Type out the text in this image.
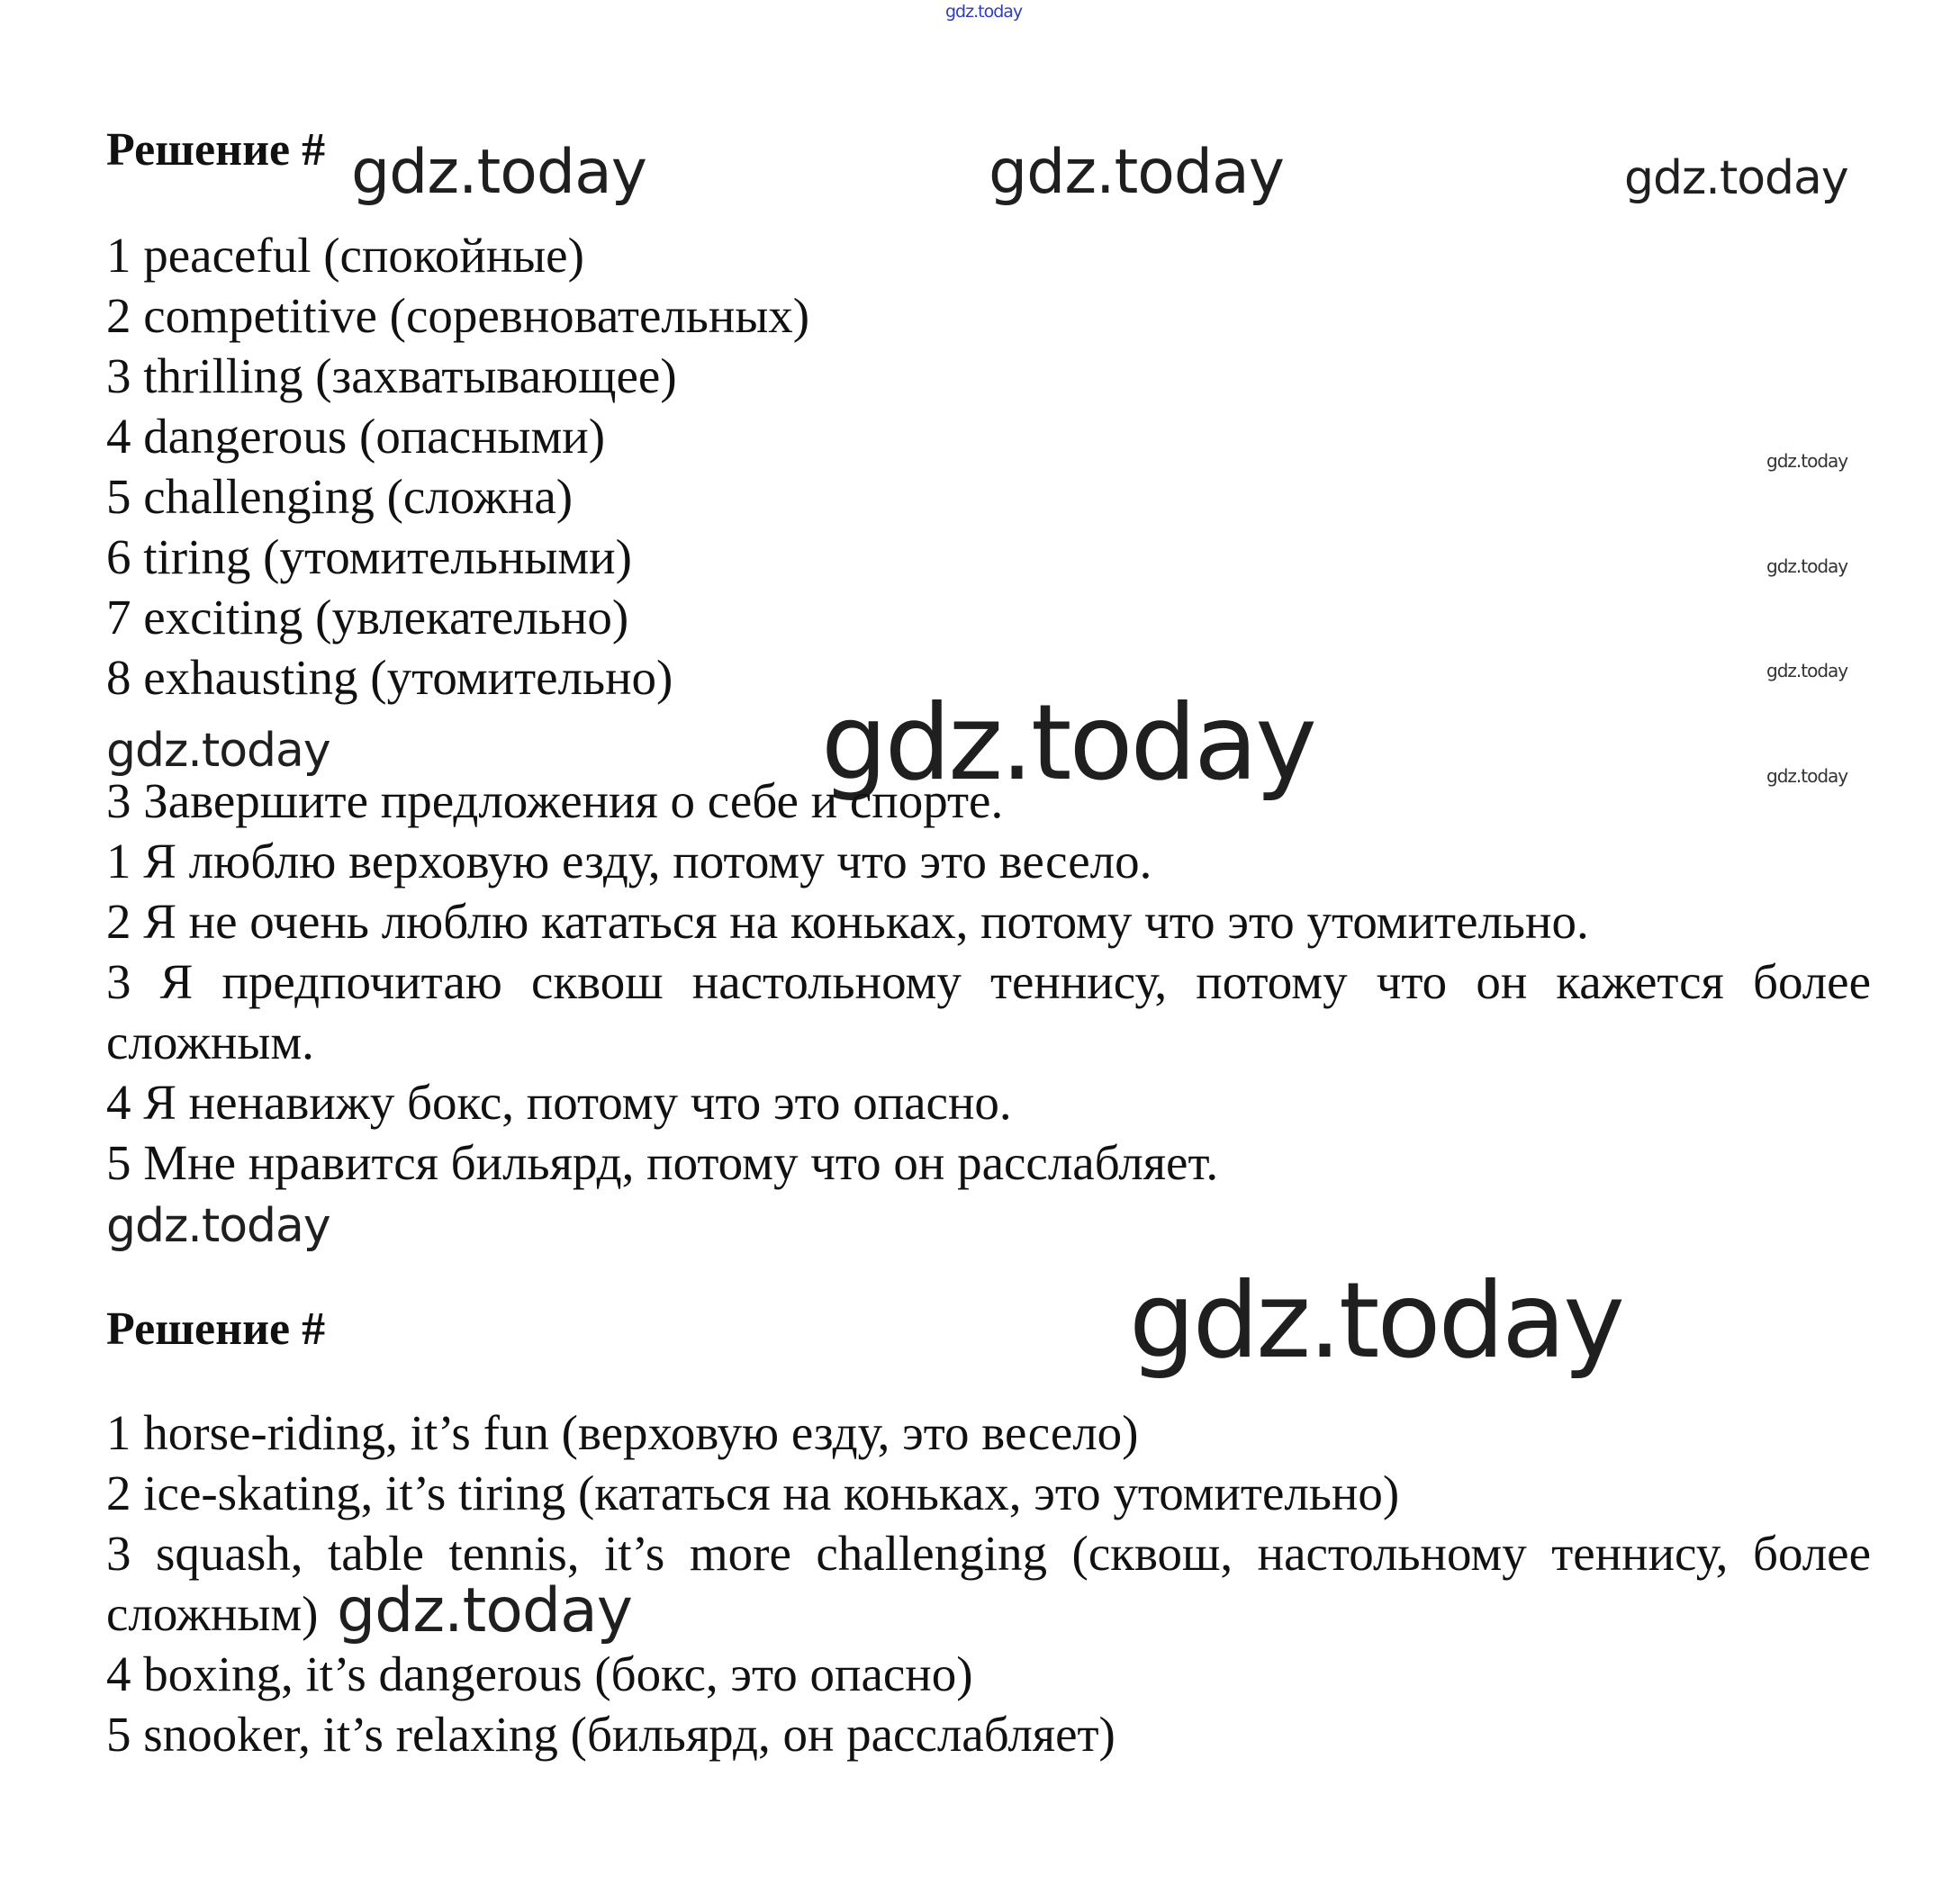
gdz.today
Решение # gdz.today	gdz.today	gdz.today
1 peaceful (спокойные)
2 competitive (соревновательных)
3 thrilling (захватывающее)
4 dangerous (опасными)
5 challenging (сложна)
6 tiring (утомительными)
7 exciting (увлекательно)
8 exhausting (утомительно)
gdz.today
gdz.today
gdz.today
gdz.today
gdz.today	gdz.today
3 Завершите предложения о себе и спорте.
1 Я люблю верховую езду, потому что это весело.
2 Я не очень люблю кататься на коньках, потому что это утомительно.
3 Я предпочитаю сквош настольному теннису, потому что он кажется более
сложным.
4 Я ненавижу бокс, потому что это опасно.
5 Мне нравится бильярд, потому что он расслабляет.
gdz.today
Решение #	gdz.today
1 horse-riding, it’s fun (верховую езду, это весело)
2 ice-skating, it’s tiring (кататься на коньках, это утомительно)
3 squash, table tennis, it’s more challenging (сквош, настольному теннису, более
сложным) gdz.today
4 boxing, it’s dangerous (бокс, это опасно)
5 snooker, it’s relaxing (бильярд, он расслабляет)
